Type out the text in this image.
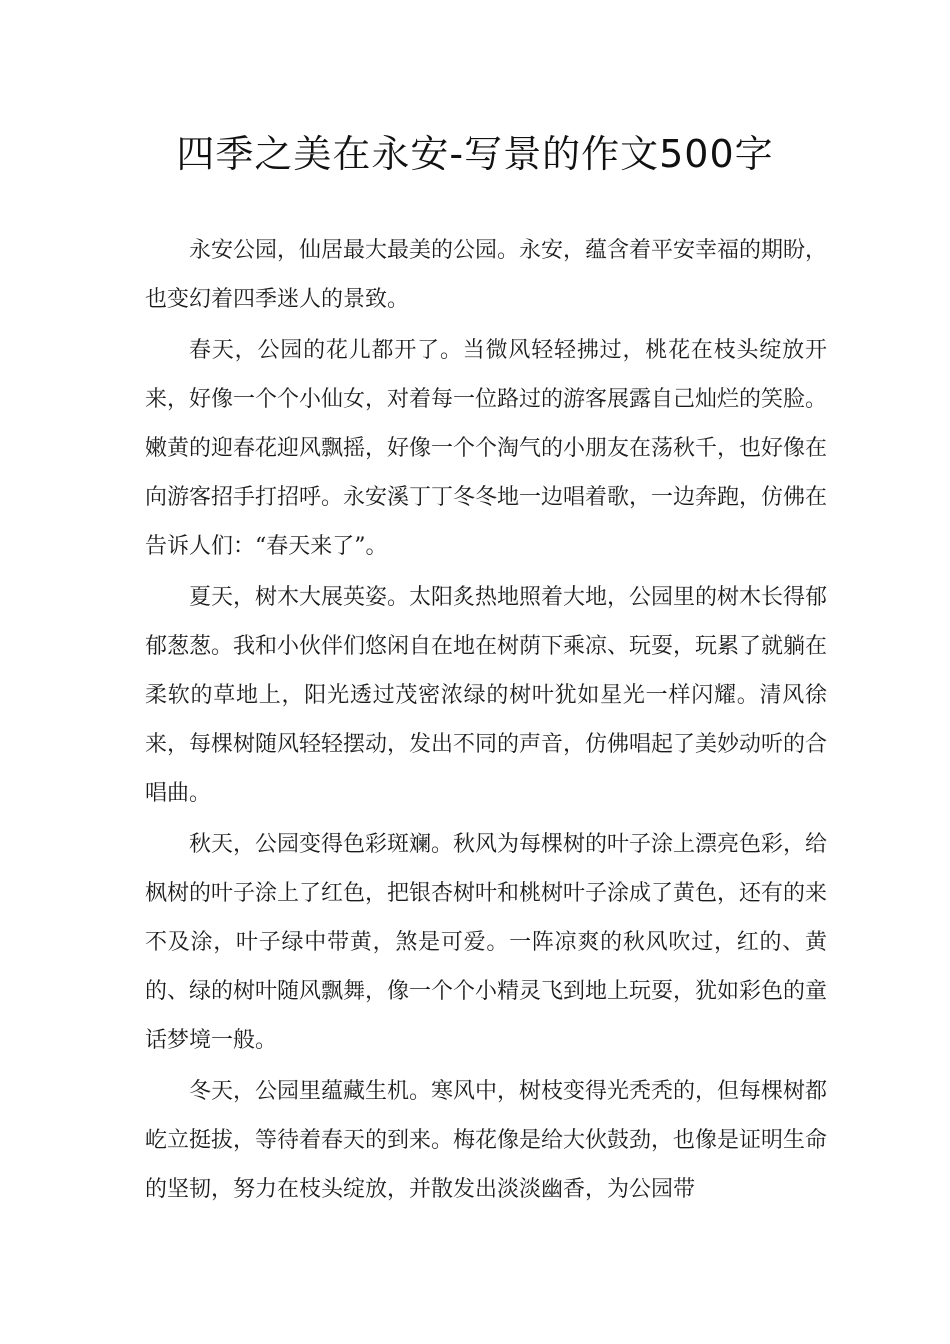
四季之美在永安-写景的作文500字

永安公园，仙居最大最美的公园。永安，蕴含着平安幸福的期盼，也变幻着四季迷人的景致。

春天，公园的花儿都开了。当微风轻轻拂过，桃花在枝头绽放开来，好像一个个小仙女，对着每一位路过的游客展露自己灿烂的笑脸。嫩黄的迎春花迎风飘摇，好像一个个淘气的小朋友在荡秋千，也好像在向游客招手打招呼。永安溪丁丁冬冬地一边唱着歌，一边奔跑，仿佛在告诉人们：“春天来了”。

夏天，树木大展英姿。太阳炙热地照着大地，公园里的树木长得郁郁葱葱。我和小伙伴们悠闲自在地在树荫下乘凉、玩耍，玩累了就躺在柔软的草地上，阳光透过茂密浓绿的树叶犹如星光一样闪耀。清风徐来，每棵树随风轻轻摆动，发出不同的声音，仿佛唱起了美妙动听的合唱曲。

秋天，公园变得色彩斑斓。秋风为每棵树的叶子涂上漂亮色彩，给枫树的叶子涂上了红色，把银杏树叶和桃树叶子涂成了黄色，还有的来不及涂，叶子绿中带黄，煞是可爱。一阵凉爽的秋风吹过，红的、黄的、绿的树叶随风飘舞，像一个个小精灵飞到地上玩耍，犹如彩色的童话梦境一般。

冬天，公园里蕴藏生机。寒风中，树枝变得光秃秃的，但每棵树都屹立挺拔，等待着春天的到来。梅花像是给大伙鼓劲，也像是证明生命的坚韧，努力在枝头绽放，并散发出淡淡幽香，为公园带
